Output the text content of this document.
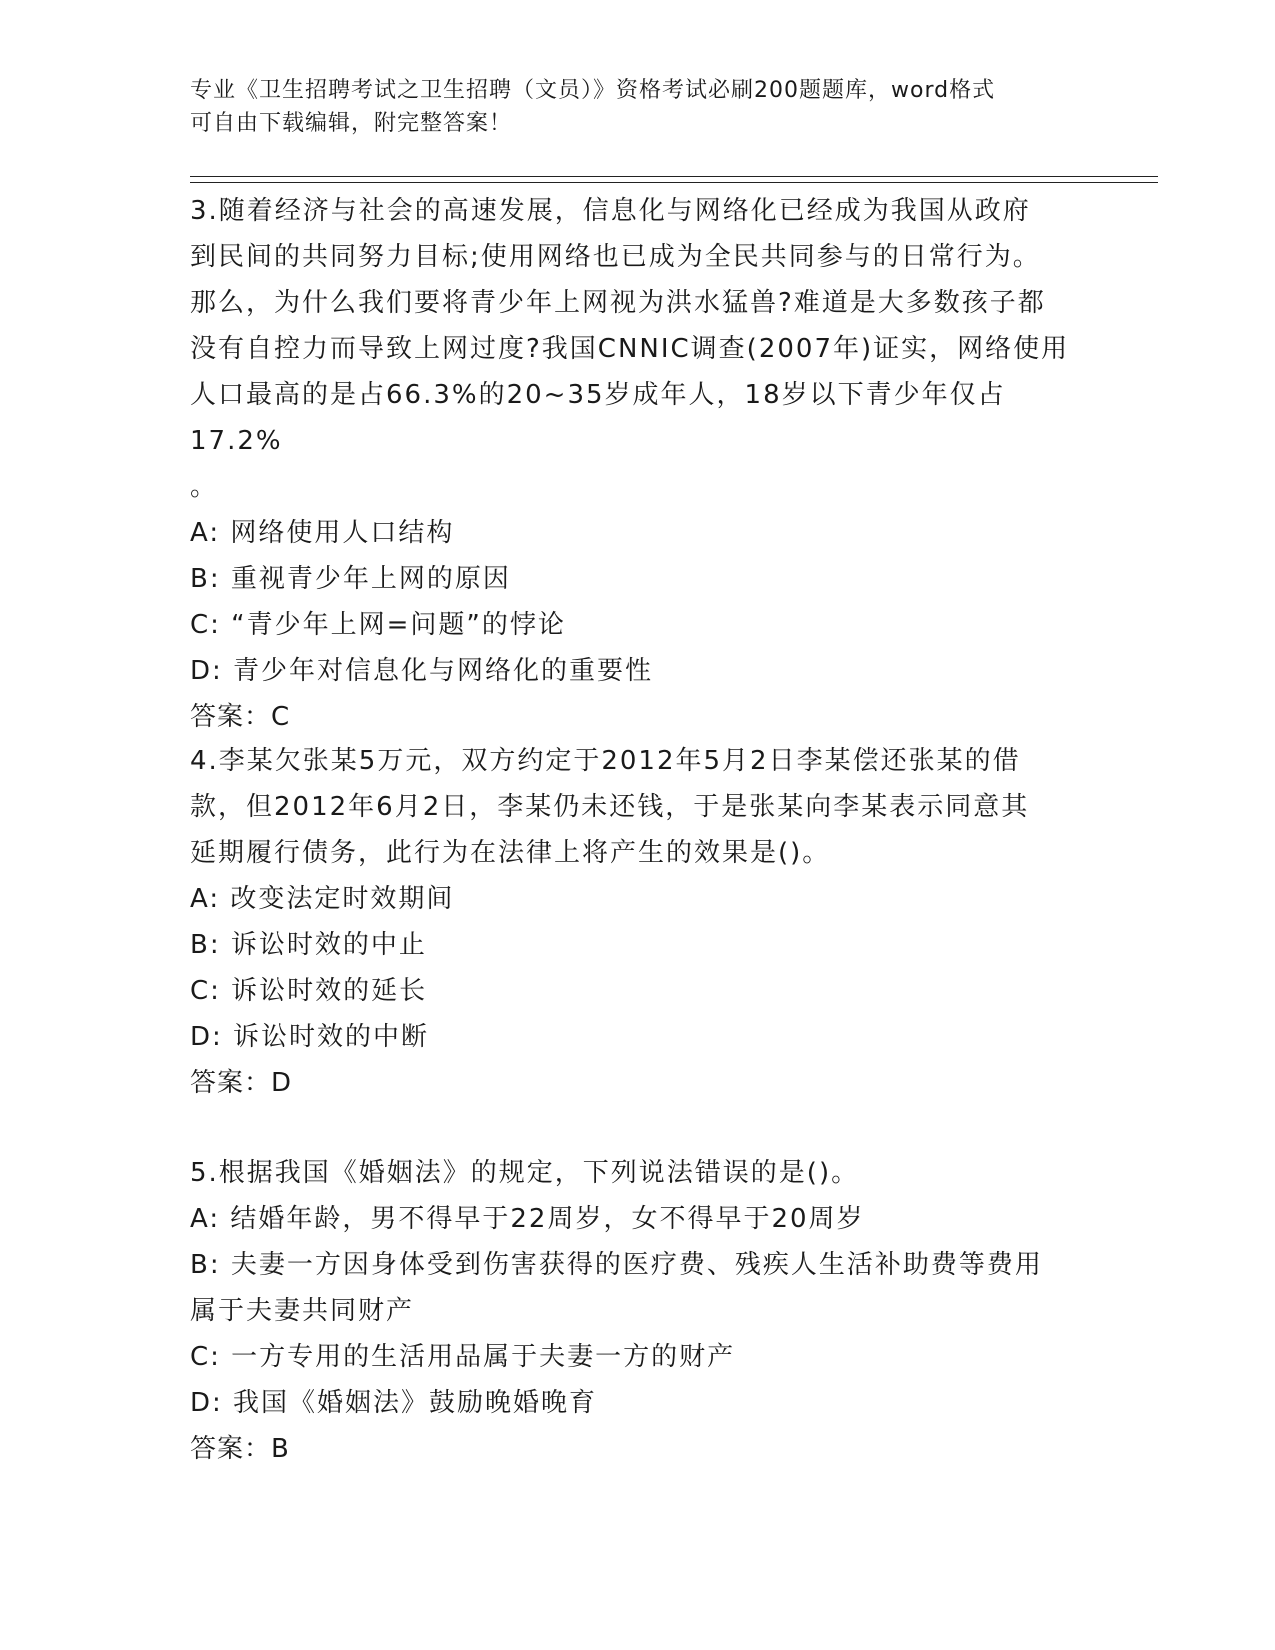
专业《卫生招聘考试之卫生招聘（文员）》资格考试必刷200题题库，word格式
可自由下载编辑，附完整答案！

3.随着经济与社会的高速发展，信息化与网络化已经成为我国从政府

到民间的共同努力目标;使用网络也已成为全民共同参与的日常行为。

那么，为什么我们要将青少年上网视为洪水猛兽?难道是大多数孩子都

没有自控力而导致上网过度?我国CNNIC调查(2007年)证实，网络使用

人口最高的是占66.3%的20~35岁成年人，18岁以下青少年仅占17.2%

。

A: 网络使用人口结构

B: 重视青少年上网的原因

C: “青少年上网=问题”的悖论

D: 青少年对信息化与网络化的重要性

答案：C

4.李某欠张某5万元，双方约定于2012年5月2日李某偿还张某的借

款，但2012年6月2日，李某仍未还钱，于是张某向李某表示同意其

延期履行债务，此行为在法律上将产生的效果是()。

A: 改变法定时效期间

B: 诉讼时效的中止

C: 诉讼时效的延长

D: 诉讼时效的中断

答案：D

5.根据我国《婚姻法》的规定，下列说法错误的是()。

A: 结婚年龄，男不得早于22周岁，女不得早于20周岁

B: 夫妻一方因身体受到伤害获得的医疗费、残疾人生活补助费等费用

属于夫妻共同财产

C: 一方专用的生活用品属于夫妻一方的财产

D: 我国《婚姻法》鼓励晚婚晚育

答案：B
